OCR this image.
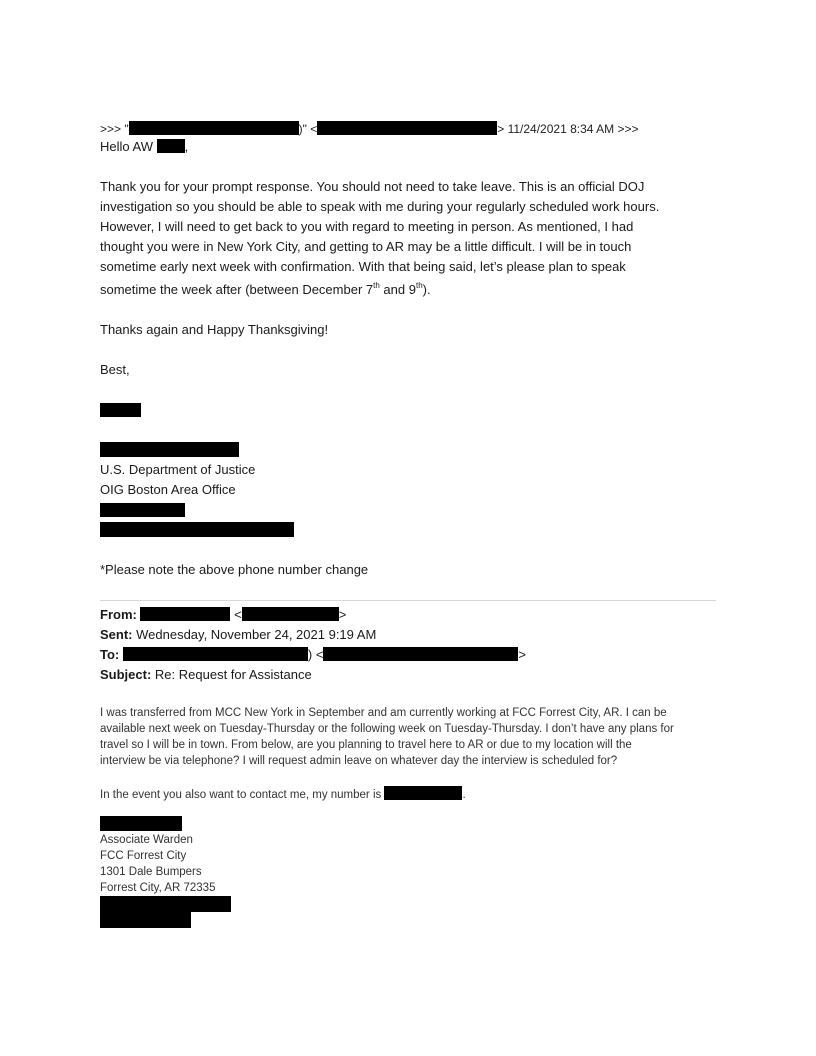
>>> "	)" <	> 11/24/2021 8:34 AM >>>
Hello AW ,
Thank you for your prompt response. You should not need to take leave. This is an official DOJ
investigation so you should be able to speak with me during your regularly scheduled work hours.
However, I will need to get back to you with regard to meeting in person. As mentioned, I had
thought you were in New York City, and getting to AR may be a little difficult. I will be in touch
sometime early next week with confirmation. With that being said, let’s please plan to speak
sometime the week after (between December 7th and 9th).
Thanks again and Happy Thanksgiving!
Best,
U.S. Department of Justice
OIG Boston Area Office
*Please note the above phone number change
From:	<	>
Sent: Wednesday, November 24, 2021 9:19 AM
To:	) <	>
Subject: Re: Request for Assistance
I was transferred from MCC New York in September and am currently working at FCC Forrest City, AR. I can be
available next week on Tuesday-Thursday or the following week on Tuesday-Thursday. I don’t have any plans for
travel so I will be in town. From below, are you planning to travel here to AR or due to my location will the
interview be via telephone? I will request admin leave on whatever day the interview is scheduled for?
In the event you also want to contact me, my number is	.
Associate Warden
FCC Forrest City
1301 Dale Bumpers
Forrest City, AR 72335
